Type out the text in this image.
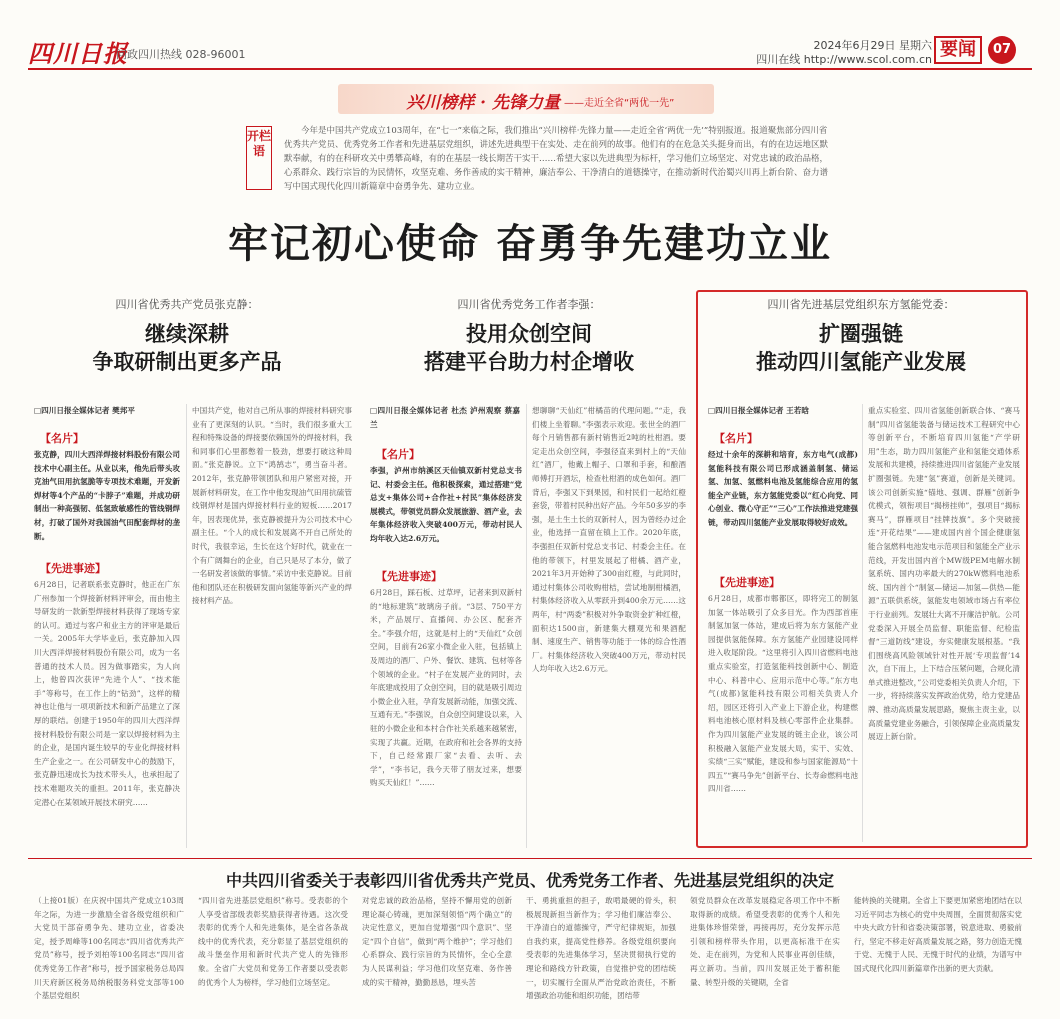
四川日报
问政四川热线 028-96001
2024年6月29日 星期六
四川在线 http://www.scol.com.cn 要闻	07
兴川榜样 · 先锋力量 ——走近全省“两优一先”
开栏语
今年是中国共产党成立103周年，在“七一”来临之际，我们推出“兴川榜样·先锋力量——走近全省‘两优一先’”特别报道。报道聚焦部分四川省优秀共产党员、优秀党务工作者和先进基层党组织，讲述先进典型干在实处、走在前列的故事。他们有的在危急关头挺身而出，有的在边远地区默默奉献，有的在科研攻关中勇攀高峰，有的在基层一线长期苦干实干……希望大家以先进典型为标杆，学习他们立场坚定、对党忠诚的政治品格，心系群众、践行宗旨的为民情怀，攻坚克难、务作善成的实干精神，廉洁奉公、干净清白的道德操守，在推动新时代治蜀兴川再上新台阶、奋力谱写中国式现代化四川新篇章中奋勇争先、建功立业。
牢记初心使命 奋勇争先建功立业
四川省优秀共产党员张克静：
继续深耕
争取研制出更多产品
四川省优秀党务工作者李强：
投用众创空间
搭建平台助力村企增收
四川省先进基层党组织东方氢能党委：
扩圈强链
推动四川氢能产业发展
□四川日报全媒体记者 樊邦平
【名片】
张克静，四川大西洋焊接材料股份有限公司技术中心副主任。从业以来，他先后带头攻克油气田用抗氢脆等专项技术难题，开发新焊材等4个产品的“卡脖子”难题，并成功研制出一种高强韧、低氢致敏感性的管线钢焊材，打破了国外对我国油气田配套焊材的垄断。
【先进事迹】
6月28日，记者联系张克静时，他正在广东广州参加一个焊接新材料评审会，而由他主导研发的一款新型焊接材料获得了现场专家的认可。通过与客户和业主方的评审是最后一关。2005年大学毕业后，张克静加入四川大西洋焊接材料股份有限公司，成为一名普通的技术人员。因为做事踏实，为人向上，他曾四次获评“先进个人”、“技术能手”等称号，在工作上的“钻劲”，这样的精神也让他与一项项新技术和新产品建立了深厚的联结。创建于1950年的四川大西洋焊接材料股份有限公司是一家以焊接材料为主的企业，是国内诞生较早的专业化焊接材料生产企业之一。在公司研发中心的鼓励下，张克静迅速成长为技术带头人，也承担起了技术难题攻关的重担。2011年，张克静决定潜心在某领域开展技术研究……
中国共产党，他对自己所从事的焊接材料研究事业有了更深刻的认识。“当时，我们很多重大工程和特殊设备的焊接要依赖国外的焊接材料，我和同事们心里都憋着一股劲，想要打破这种局面。”张克静说。立下“鸿鹄志”，勇当奋斗者。2012年，张克静带领团队和用户紧密对接，开展新材料研发，在工作中他发现油气田用抗硫管线钢焊材是国内焊接材料行业的短板……2017年，因表现优异，张克静被提升为公司技术中心副主任。“个人的成长和发展离不开自己所处的时代，我很幸运，生长在这个好时代，就业在一个有广阔舞台的企业，自己只是尽了本分，做了一名研发者该做的事情。”采访中张克静说。目前他和团队还在积极研发面向氢能等新兴产业的焊接材料产品。
□四川日报全媒体记者 杜杰 泸州观察 蔡嘉兰
【名片】
李强，泸州市纳溪区天仙镇双新村党总支书记、村委会主任。他积极探索，通过搭建“党总支+集体公司+合作社+村民”集体经济发展模式，带领党员群众发展旅游、酒产业，去年集体经济收入突破400万元，带动村民人均年收入达2.6万元。
【先进事迹】
6月28日，踩石板、过草坪，记者来到双新村的“地标建筑”玻璃房子前。“3层、750平方米，产品展厅、直播间、办公区、配套齐全。”李强介绍，这就是村上的“天仙红”众创空间，目前有26家小微企业入驻，包括镇上及周边的酒厂、户外、餐饮、建筑、包材等各个领域的企业。“村子在发展产业的同时，去年底建成投用了众创空间，目的就是吸引周边小微企业入驻，孕育发展新动能，加强交流、互通有无。”李强说，自众创空间建设以来，入驻的小微企业和本村合作社关系越来越紧密，实现了共赢。近期，在政府和社会各界的支持下，自己经常跟厂家“去看、去听、去学”，“李书记，我今天带了朋友过来，想要购买天仙红！”……
想聊聊“天仙红”柑橘苗的代理问题。”“走，我们楼上坐着聊。”李强表示欢迎。张世全的酒厂每个月销售都有新村销售近2吨的杜柑酒。要定走出众创空间，李强径直来到村上的“天仙红”酒厂，他戴上帽子、口罩和手套，和酿酒师傅打开酒坛，检查杜柑酒的成色如何。酒厂背后，李强又下到果园，和村民们一起给红橙套袋，带着村民种出好产品。今年50多岁的李强，是土生土长的双新村人，因为曾经办过企业，他选择一直留在镇上工作。2020年底，李强担任双新村党总支书记、村委会主任。在他的带领下，村里发展起了柑橘、酒产业，2021年3月开始种了300亩红橙，与此同时，通过村集体公司收购柑桔，尝试地制柑橘酒，村集体经济收入从零跃升到400余万元……这两年，村“两委”积极对外争取资金扩种红橙，面积达1500亩，新建集大棚观光和果酒配制、速度生产、销售等功能于一体的综合性酒厂。村集体经济收入突破400万元，带动村民人均年收入达2.6万元。
□四川日报全媒体记者 王若晗
【名片】
经过十余年的深耕和培育，东方电气(成都)氢能科技有限公司已形成涵盖制氢、储运氢、加氢、氢燃料电池及氢能综合应用的氢能全产业链，东方氢能党委以“红心向党、同心创业、微心守正”“三心”工作法推进党建强链，带动四川氢能产业发展取得较好成效。
【先进事迹】
6月28日，成都市郫都区，即将完工的制氢加氢一体站吸引了众多目光。作为西部首座制氢加氢一体站，建成后将为东方氢能产业园提供氢能保障。东方氢能产业园建设同样进入收尾阶段。“这里将引入四川省燃料电池重点实验室，打造氢能科技创新中心、制造中心、科普中心、应用示范中心等。”东方电气(成都)氢能科技有限公司相关负责人介绍，园区还将引入产业上下游企业，构建燃料电池核心原材料及核心零部件企业集群。作为四川氢能产业发展的链主企业，该公司积极融入氢能产业发展大局，实干、实效、实绩“三实”赋能，建设和参与国家能源局“十四五”“赛马争先”创新平台、长寿命燃料电池四川省……
重点实验室、四川省氢能创新联合体、“赛马制”四川省氢能装备与储运技术工程研究中心等创新平台，不断培育四川氢能“产学研用”生态，助力四川氢能产业和氢能交通体系发展和共建模，持续推进四川省氢能产业发展扩圈强链。先建“氢”赛道，创新是关键词。该公司创新实施“锚地、强调、群雁”创新争优模式，领衔项目“揭榜挂帅”，强项目“揭标赛马”，群雁项目“挂牌技旗”。多个突破接连“开花结果”——建成国内首个国企健康氢能合氢燃料电池发电示范项目和氢能全产业示范线，开发出国内首个MW级PEM电解水制氢系统、国内功率最大的270kW燃料电池系统、国内首个“制氢—储运—加氢—供热—能源”五联供系统，氢能发电领域市场占有率位于行业前列。发展壮大离不开廉洁护航。公司党委深入开展全员监督、职能监督、纪检监督“三道防线”建设，夯实健康发展根基。“我们围绕高风险领域针对性开展‘专项监督’14次，自下而上，上下结合压紧问题，合规化清单式推进整改，”公司党委相关负责人介绍，下一步，将持续落实发挥政治优势，给力党建品牌、推动高质量发展思路，聚焦主责主业，以高质量党建业务融合，引领保障企业高质量发展迈上新台阶。
中共四川省委关于表彰四川省优秀共产党员、优秀党务工作者、先进基层党组织的决定
（上接01版）在庆祝中国共产党成立103周年之际，为进一步激励全省各级党组织和广大党员干部奋勇争先、建功立业，省委决定，授予周峰等100名同志“四川省优秀共产党员”称号，授予刘柏等100名同志“四川省优秀党务工作者”称号，授予国家税务总局四川天府新区税务局纳税服务科党支部等100个基层党组织
“四川省先进基层党组织”称号。受表彰的个人享受省部级表彰奖励获得者待遇。这次受表彰的优秀个人和先进集体，是全省各条战线中的优秀代表，充分彰显了基层党组织的战斗堡垒作用和新时代共产党人的先锋形象。全省广大党员和党务工作者要以受表彰的优秀个人为榜样，学习他们立场坚定。
对党忠诚的政治品格，坚持不懈用党的创新理论凝心铸魂，更加深刻领悟“两个确立”的决定性意义，更加自觉增强“四个意识”、坚定“四个自信”，做到“两个维护”；学习他们心系群众、践行宗旨的为民情怀，全心全意为人民谋利益；学习他们攻坚克难、务作善成的实干精神，勤勤恳恳，埋头苦
干、勇挑重担的担子，敢啃最硬的骨头，积极展现新担当新作为；学习他们廉洁奉公、干净清白的道德操守，严守纪律规矩，加强自我约束，提高党性修养。各级党组织要向受表彰的先进集体学习，坚决贯彻执行党的理论和路线方针政策，自觉推护党的团结统一，切实履行全面从严治党政治责任，不断增强政治功能和组织功能，团结带
领党员群众在改革发展稳定各项工作中不断取得新的成绩。希望受表彰的优秀个人和先进集体珍惜荣誉，再接再厉，充分发挥示范引领和榜样带头作用，以更高标准干在实处、走在前列，为党和人民事业再创佳绩，再立新功。当前，四川发展正处于蓄积能量、转型升级的关键期，全省
能转换的关键期。全省上下要更加紧密地团结在以习近平同志为核心的党中央周围，全面贯彻落实党中央大政方针和省委决策部署，锐意进取、勇毅前行，坚定不移走好高质量发展之路，努力创造无愧于党、无愧于人民、无愧于时代的业绩，为谱写中国式现代化四川新篇章作出新的更大贡献。
